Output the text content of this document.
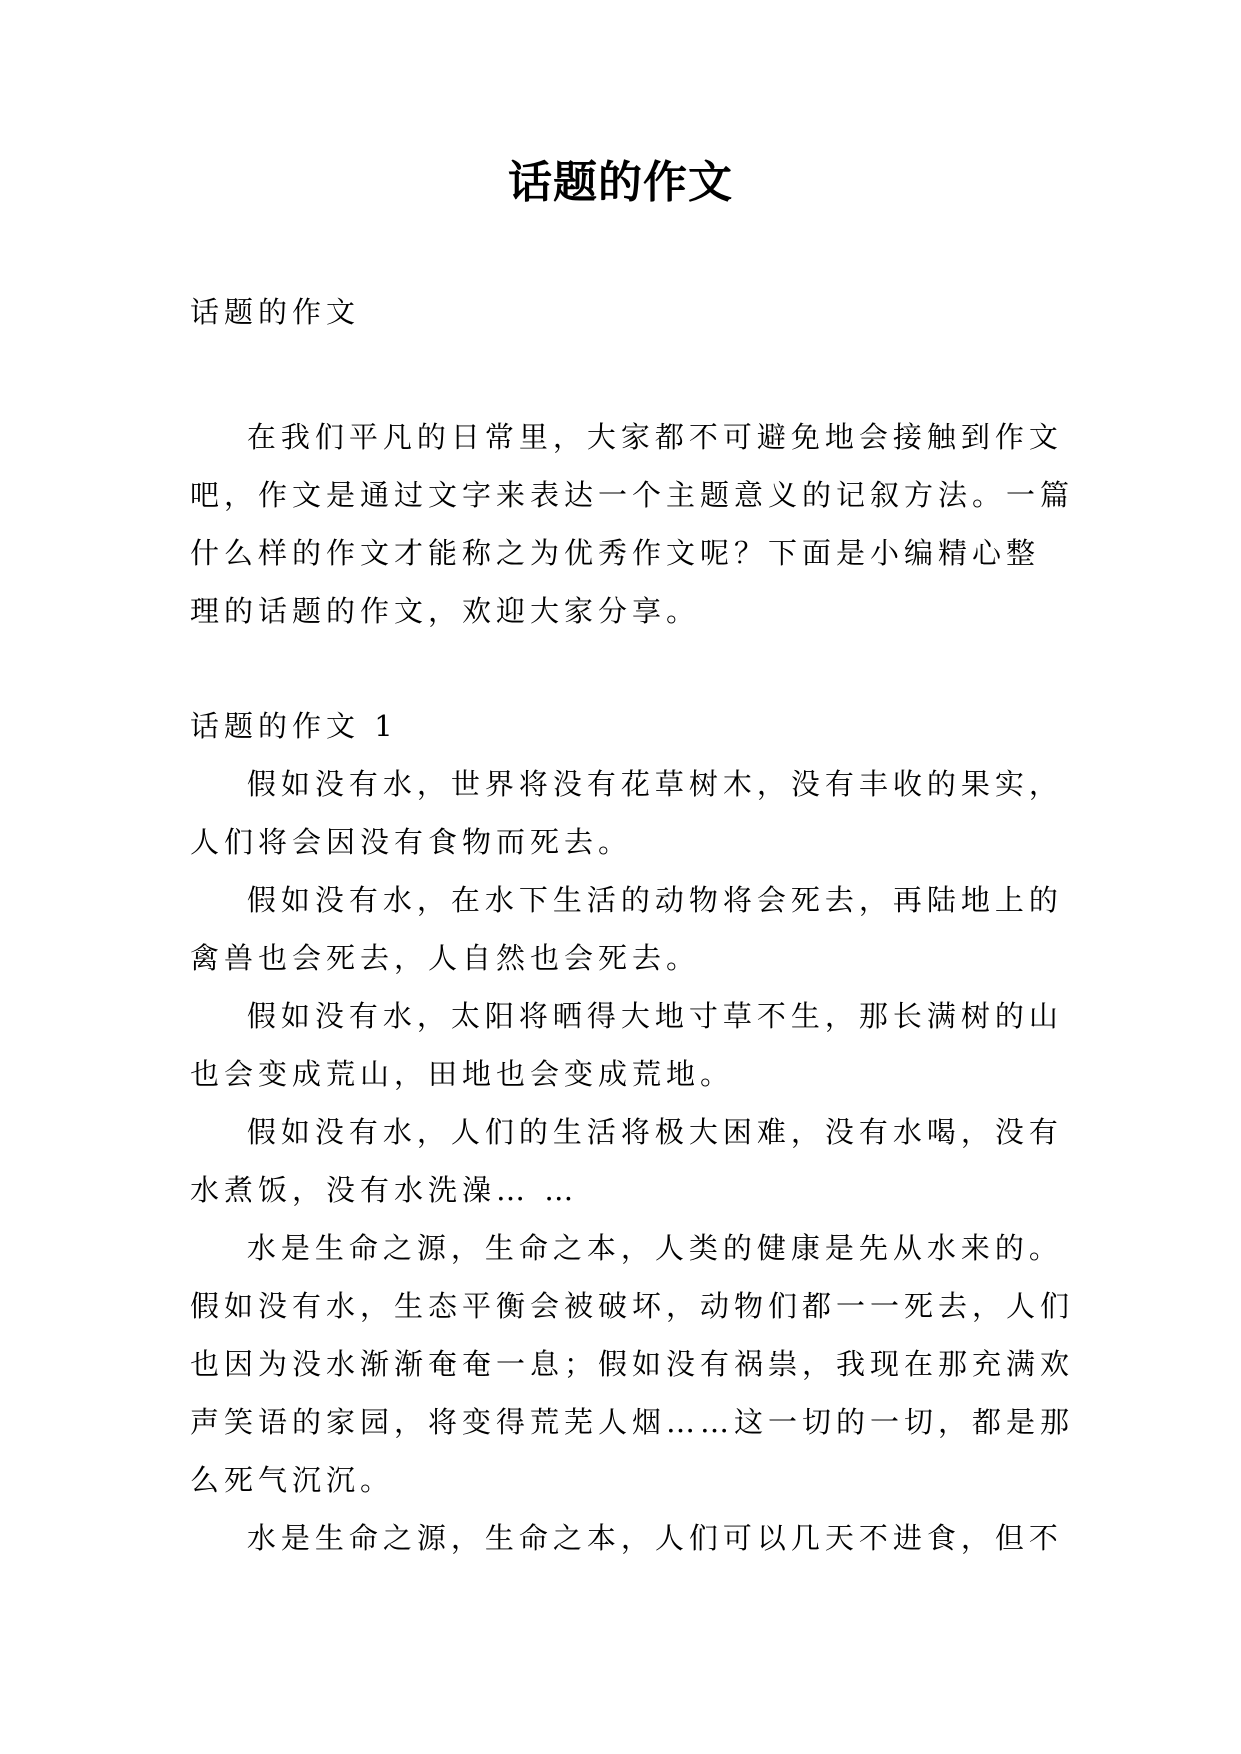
话题的作文
话题的作文
在我们平凡的日常里，大家都不可避免地会接触到作文
吧，作文是通过文字来表达一个主题意义的记叙方法。一篇
什么样的作文才能称之为优秀作文呢？下面是小编精心整
理的话题的作文，欢迎大家分享。
话题的作文 1
假如没有水，世界将没有花草树木，没有丰收的果实，
人们将会因没有食物而死去。
假如没有水，在水下生活的动物将会死去，再陆地上的
禽兽也会死去，人自然也会死去。
假如没有水，太阳将晒得大地寸草不生，那长满树的山
也会变成荒山，田地也会变成荒地。
假如没有水，人们的生活将极大困难，没有水喝，没有
水煮饭，没有水洗澡… …
水是生命之源，生命之本，人类的健康是先从水来的。
假如没有水，生态平衡会被破坏，动物们都一一死去，人们
也因为没水渐渐奄奄一息；假如没有祸祟，我现在那充满欢
声笑语的家园，将变得荒芜人烟……这一切的一切，都是那
么死气沉沉。
水是生命之源，生命之本，人们可以几天不进食，但不
